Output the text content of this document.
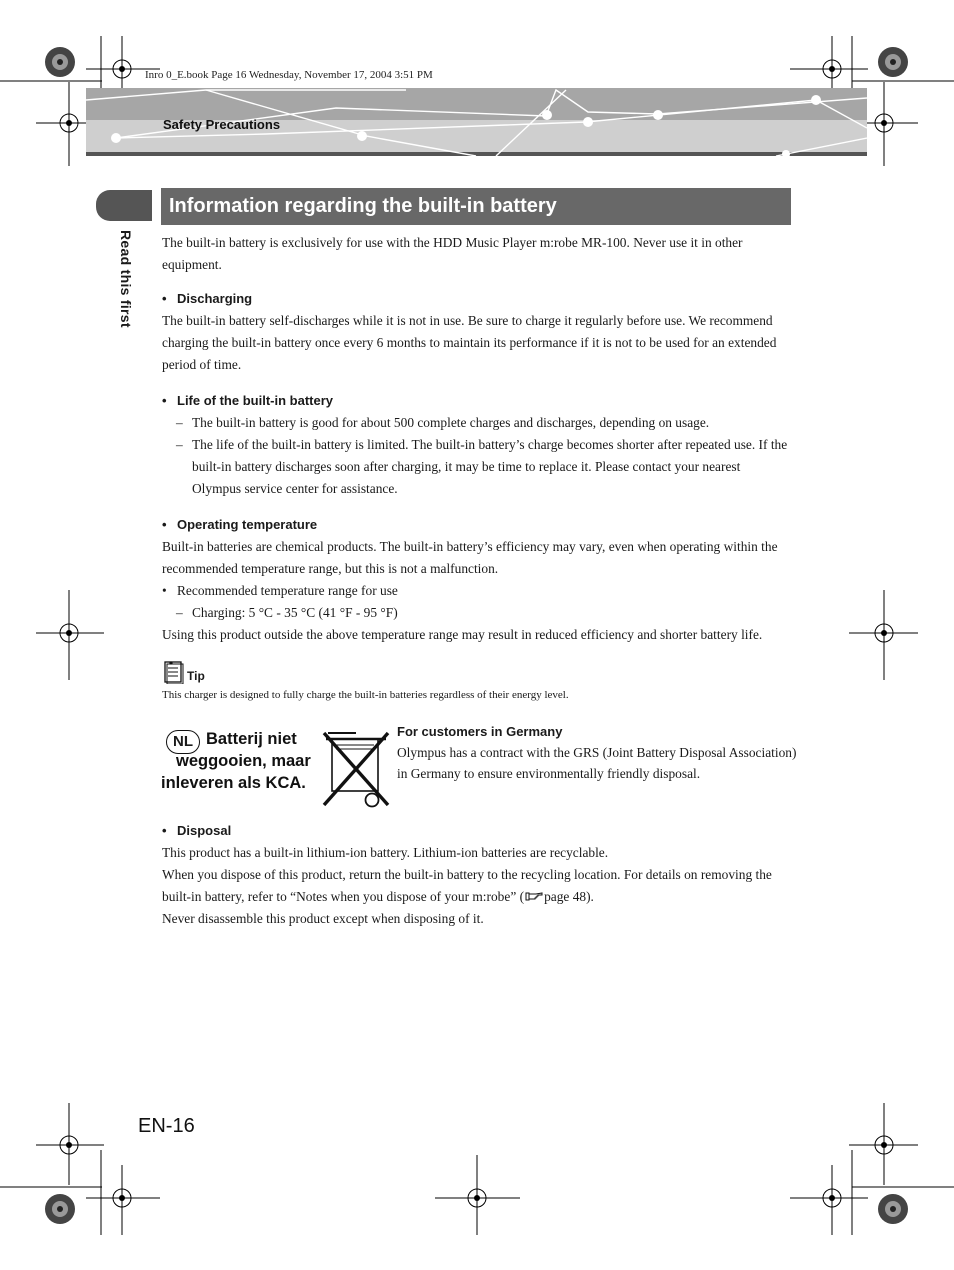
Inro 0_E.book Page 16 Wednesday, November 17, 2004 3:51 PM
Safety Precautions
Read this first
Information regarding the built-in battery

The built-in battery is exclusively for use with the HDD Music Player m:robe MR-100. Never use it in other equipment.

• Discharging

The built-in battery self-discharges while it is not in use. Be sure to charge it regularly before use. We recommend charging the built-in battery once every 6 months to maintain its performance if it is not to be used for an extended period of time.

• Life of the built-in battery

– The built-in battery is good for about 500 complete charges and discharges, depending on usage.

– The life of the built-in battery is limited. The built-in battery’s charge becomes shorter after repeated use. If the built-in battery discharges soon after charging, it may be time to replace it. Please contact your nearest Olympus service center for assistance.

• Operating temperature

Built-in batteries are chemical products. The built-in battery’s efficiency may vary, even when operating within the recommended temperature range, but this is not a malfunction.

• Recommended temperature range for use

– Charging: 5 °C - 35 °C (41 °F - 95 °F)

Using this product outside the above temperature range may result in reduced efficiency and shorter battery life.

Tip
This charger is designed to fully charge the built-in batteries regardless of their energy level.
NL Batterij niet
weggooien, maar
inleveren als KCA.
For customers in Germany
Olympus has a contract with the GRS (Joint Battery Disposal Association) in Germany to ensure environmentally friendly disposal.

• Disposal

This product has a built-in lithium-ion battery. Lithium-ion batteries are recyclable.

When you dispose of this product, return the built-in battery to the recycling location. For details on removing the built-in battery, refer to “Notes when you dispose of your m:robe” ( page 48).

Never disassemble this product except when disposing of it.

EN-16
